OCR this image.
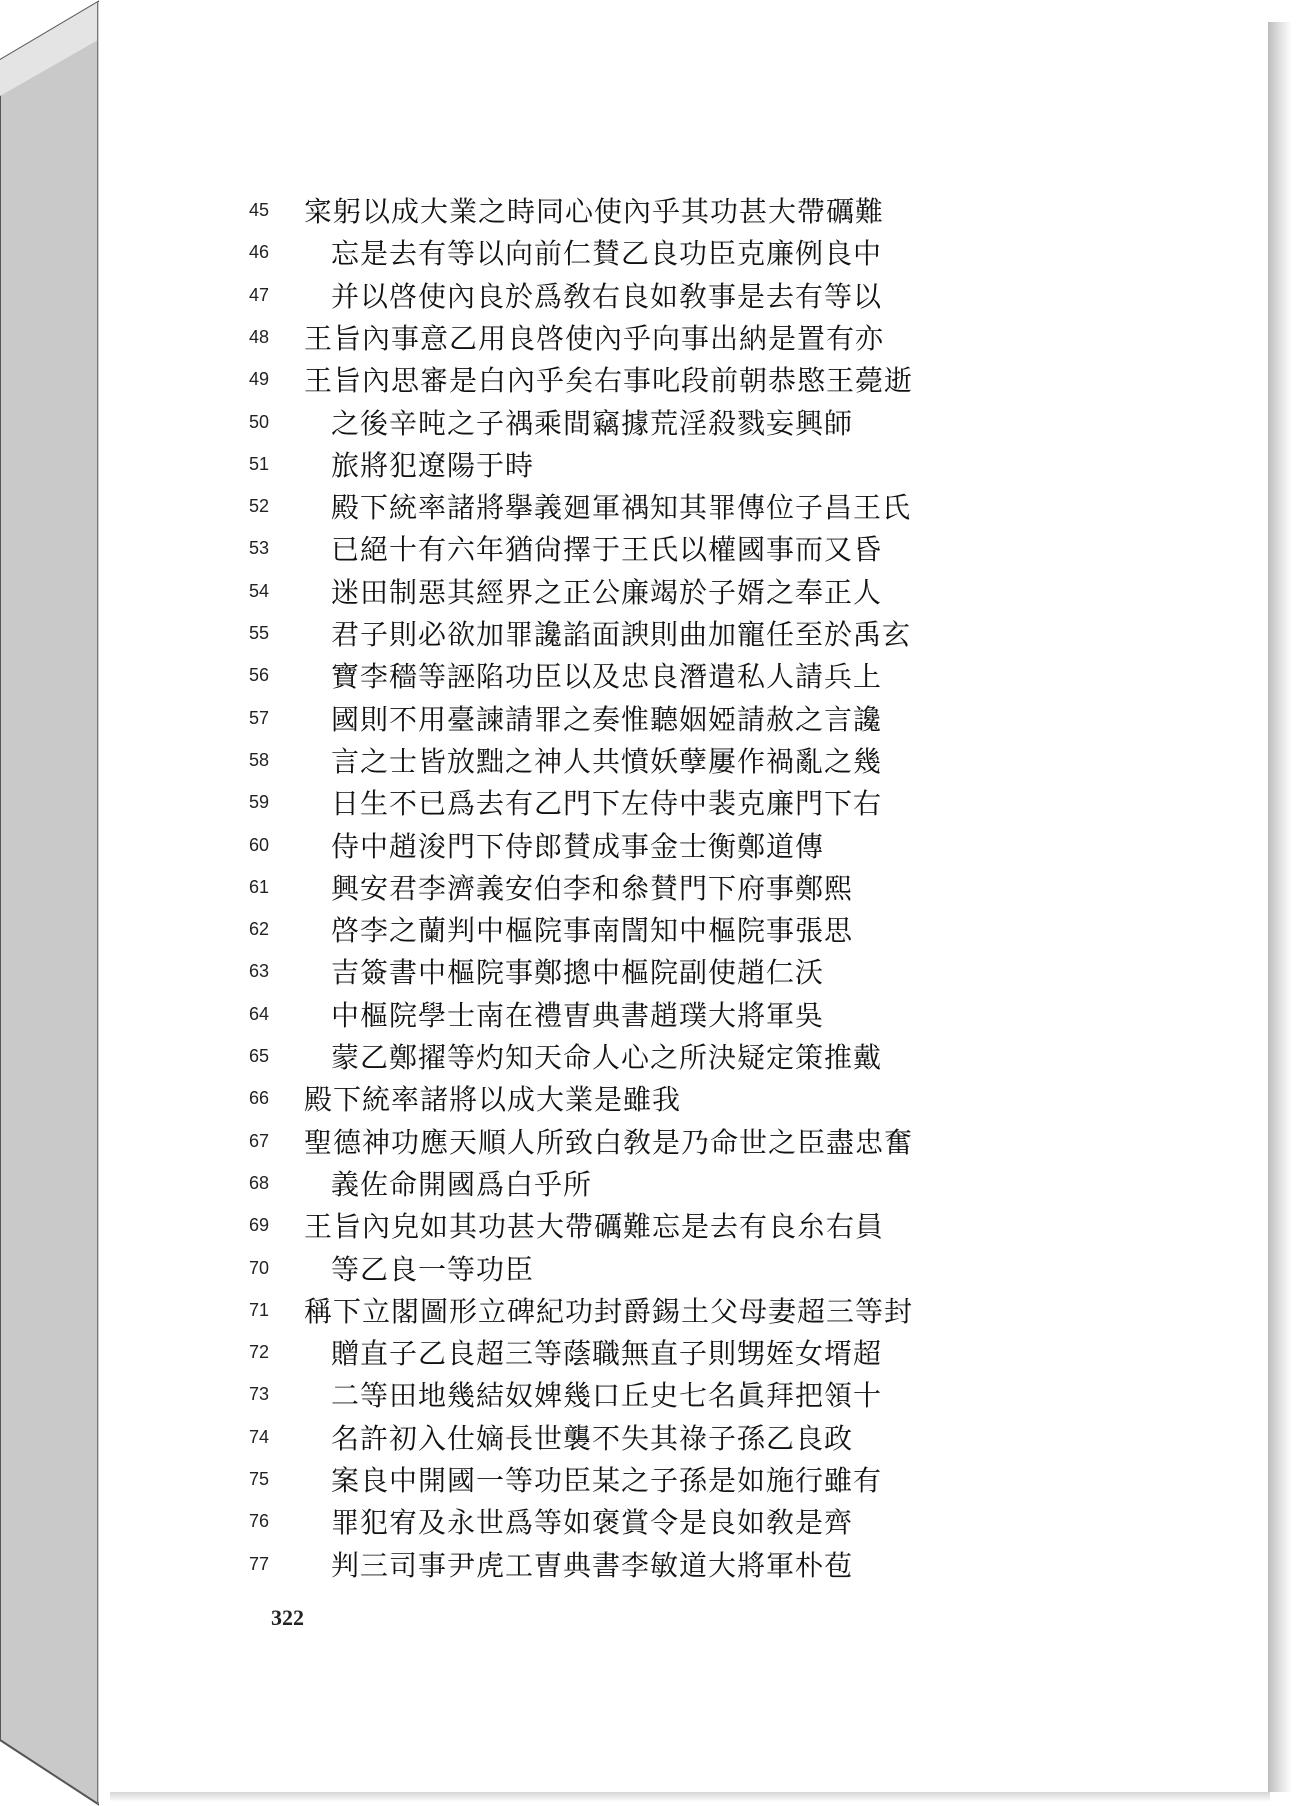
45 寀躬以成大業之時同心使內乎其功甚大帶礪難
46 忘是去有等以向前仁賛乙良功臣克廉例良中
47 并以啓使內良於爲敎右良如敎事是去有等以
48 王旨內事意乙用良啓使內乎向事出納是置有亦
49 王旨內思審是白內乎矣右事叱段前朝恭愍王薨逝
50 之後辛旽之子禑乘間竊據荒淫殺戮妄興師
51 旅將犯遼陽于時
52 殿下統率諸將擧義廻軍禑知其罪傳位子昌王氏
53 已絕十有六年猶尙擇于王氏以權國事而又昏
54 迷田制惡其經界之正公廉竭於子婿之奉正人
55 君子則必欲加罪讒諂面諛則曲加寵任至於禹玄
56 寶李穡等誣陷功臣以及忠良潛遣私人請兵上
57 國則不用臺諫請罪之奏惟聽姻婭請赦之言讒
58 言之士皆放黜之神人共憤妖孽屢作禍亂之幾
59 日生不已爲去有乙門下左侍中裴克廉門下右
60 侍中趙浚門下侍郎賛成事金士衡鄭道傳
61 興安君李濟義安伯李和叅賛門下府事鄭熙
62 啓李之蘭判中樞院事南誾知中樞院事張思
63 吉簽書中樞院事鄭摠中樞院副使趙仁沃
64 中樞院學士南在禮曺典書趙璞大將軍吳
65 蒙乙鄭擢等灼知天命人心之所決疑定策推戴
66 殿下統率諸將以成大業是雖我
67 聖德神功應天順人所致白敎是乃命世之臣盡忠奮
68 義佐命開國爲白乎所
69 王旨內皃如其功甚大帶礪難忘是去有良厼右員
70 等乙良一等功臣
71 稱下立閣圖形立碑紀功封爵錫土父母妻超三等封
72 贈直子乙良超三等蔭職無直子則甥姪女壻超
73 二等田地幾結奴婢幾口丘史七名眞拜把領十
74 名許初入仕嫡長世襲不失其祿子孫乙良政
75 案良中開國一等功臣某之子孫是如施行雖有
76 罪犯宥及永世爲等如褒賞令是良如敎是齊
77 判三司事尹虎工曺典書李敏道大將軍朴苞
322
